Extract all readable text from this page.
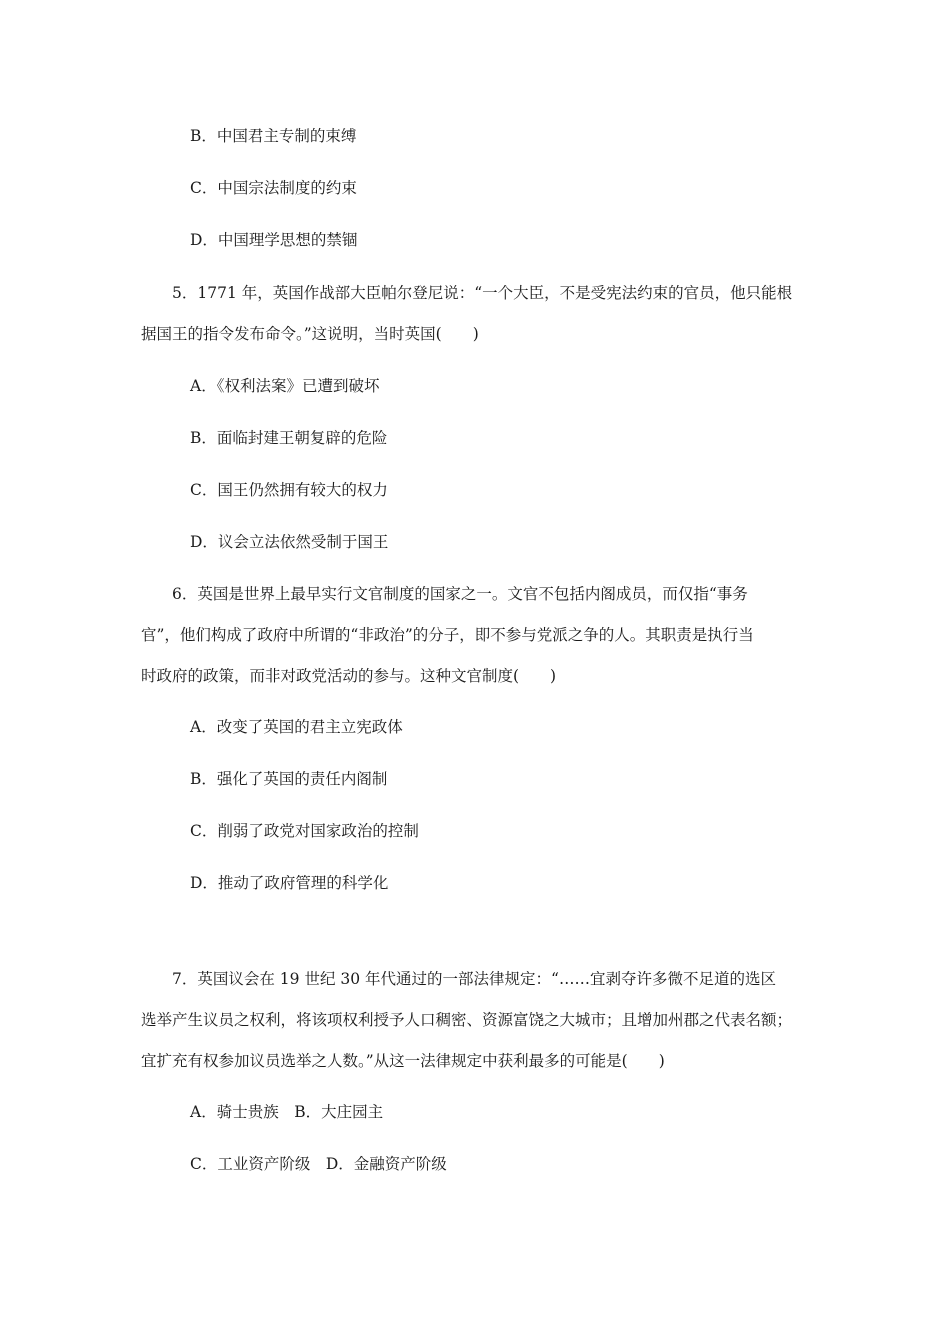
B．中国君主专制的束缚
C．中国宗法制度的约束
D．中国理学思想的禁锢
5．1771 年，英国作战部大臣帕尔登尼说：“一个大臣，不是受宪法约束的官员，他只能根
据国王的指令发布命令。”这说明，当时英国(　　)
A．《权利法案》已遭到破坏
B．面临封建王朝复辟的危险
C．国王仍然拥有较大的权力
D．议会立法依然受制于国王
6．英国是世界上最早实行文官制度的国家之一。文官不包括内阁成员，而仅指“事务
官”，他们构成了政府中所谓的“非政治”的分子，即不参与党派之争的人。其职责是执行当
时政府的政策，而非对政党活动的参与。这种文官制度(　　)
A．改变了英国的君主立宪政体
B．强化了英国的责任内阁制
C．削弱了政党对国家政治的控制
D．推动了政府管理的科学化
7．英国议会在 19 世纪 30 年代通过的一部法律规定：“……宜剥夺许多微不足道的选区
选举产生议员之权利，将该项权利授予人口稠密、资源富饶之大城市；且增加州郡之代表名额；
宜扩充有权参加议员选举之人数。”从这一法律规定中获利最多的可能是(　　)
A．骑士贵族　B．大庄园主
C．工业资产阶级　D．金融资产阶级
